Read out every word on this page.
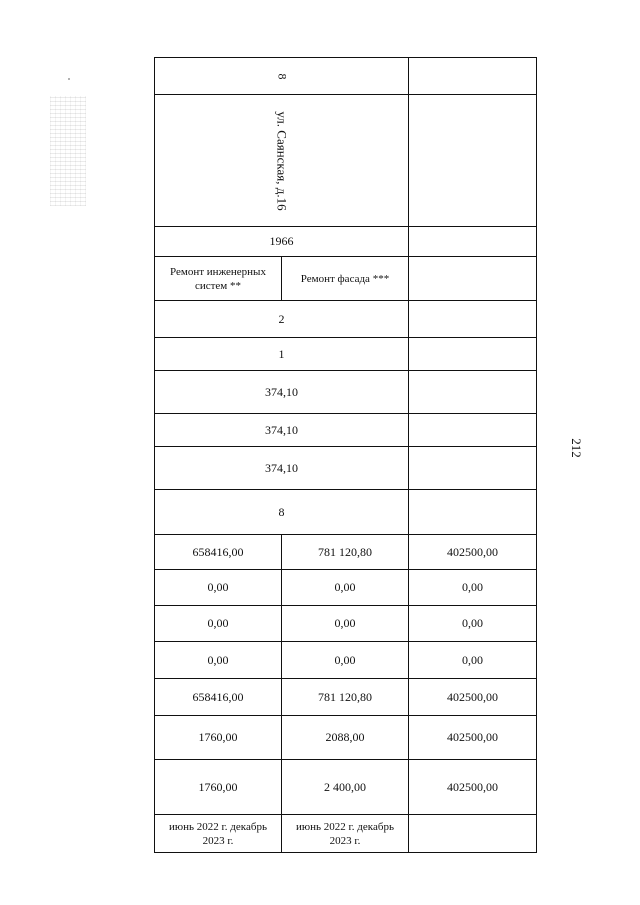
212
8		
ул. Саянская, д.16		
1966		
Ремонт инженерных систем **	Ремонт фасада ***	
2		
1		
374,10		
374,10		
374,10		
8		
658416,00	781 120,80	402500,00
0,00	0,00	0,00
0,00	0,00	0,00
0,00	0,00	0,00
658416,00	781 120,80	402500,00
1760,00	2088,00	402500,00
1760,00	2 400,00	402500,00
июнь 2022 г. декабрь 2023 г.	июнь 2022 г. декабрь 2023 г.	
